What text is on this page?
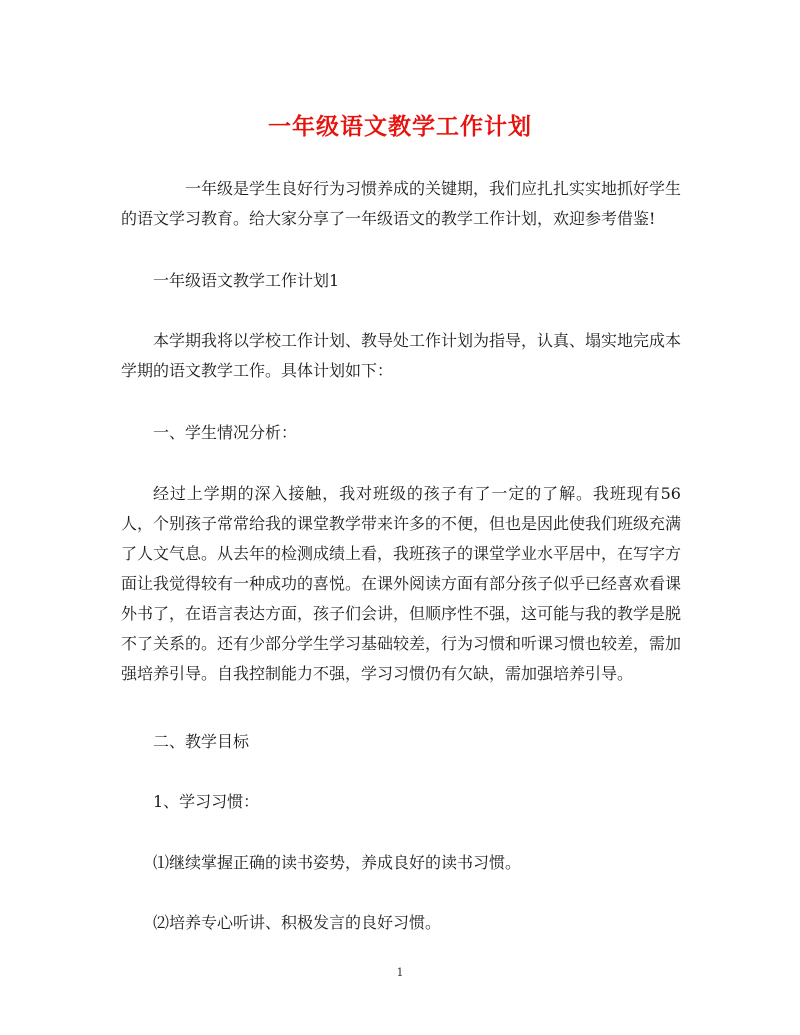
一年级语文教学工作计划

一年级是学生良好行为习惯养成的关键期，我们应扎扎实实地抓好学生的语文学习教育。给大家分享了一年级语文的教学工作计划，欢迎参考借鉴!

一年级语文教学工作计划1

本学期我将以学校工作计划、教导处工作计划为指导，认真、塌实地完成本学期的语文教学工作。具体计划如下：

一、学生情况分析：

经过上学期的深入接触，我对班级的孩子有了一定的了解。我班现有56人，个别孩子常常给我的课堂教学带来许多的不便，但也是因此使我们班级充满了人文气息。从去年的检测成绩上看，我班孩子的课堂学业水平居中，在写字方面让我觉得较有一种成功的喜悦。在课外阅读方面有部分孩子似乎已经喜欢看课外书了，在语言表达方面，孩子们会讲，但顺序性不强，这可能与我的教学是脱不了关系的。还有少部分学生学习基础较差，行为习惯和听课习惯也较差，需加强培养引导。自我控制能力不强，学习习惯仍有欠缺，需加强培养引导。

二、教学目标

1、学习习惯：

⑴继续掌握正确的读书姿势，养成良好的读书习惯。

⑵培养专心听讲、积极发言的良好习惯。

1
